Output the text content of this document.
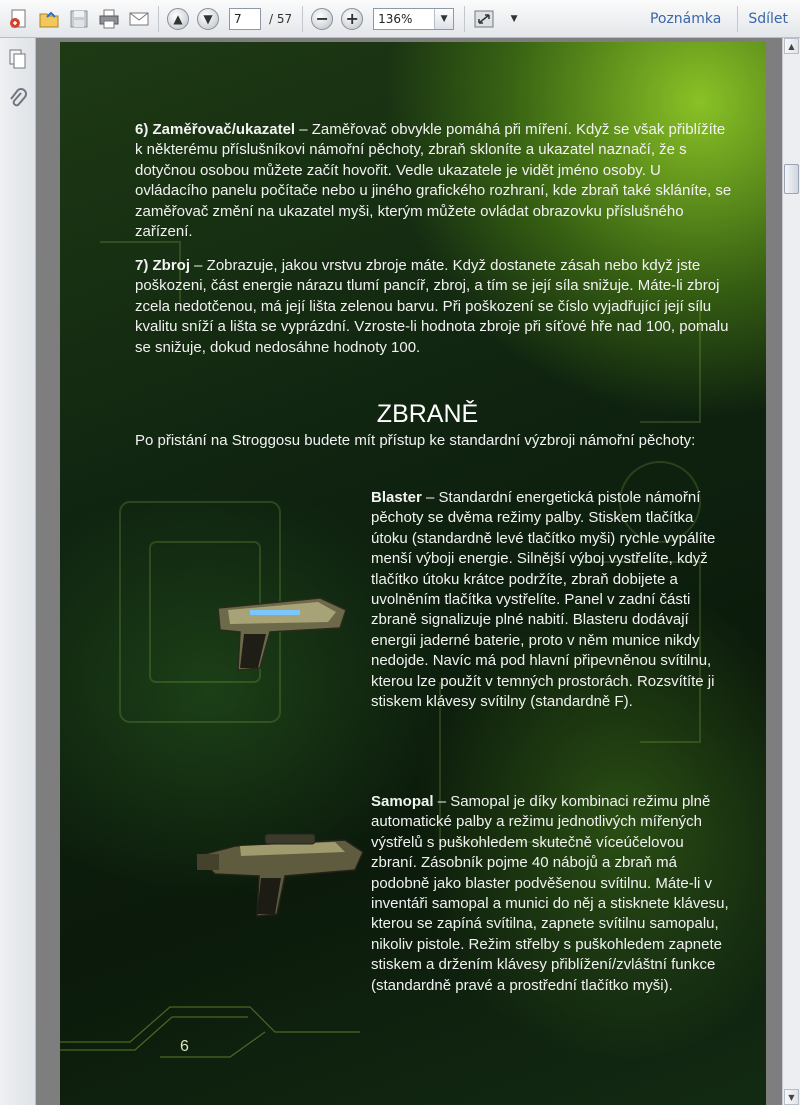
▲	▼
7	/ 57 − +	136%	▼	▼	Poznámka Sdílet
6) Zaměřovač/ukazatel – Zaměřovač obvykle pomáhá při míření. Když se však přiblížíte k některému příslušníkovi námořní pěchoty, zbraň skloníte a ukazatel naznačí, že s dotyčnou osobou můžete začít hovořit. Vedle ukazatele je vidět jméno osoby. U ovládacího panelu počítače nebo u jiného grafického rozhraní, kde zbraň také skláníte, se zaměřovač změní na ukazatel myši, kterým můžete ovládat obrazovku příslušného zařízení.
7) Zbroj – Zobrazuje, jakou vrstvu zbroje máte. Když dostanete zásah nebo když jste poškozeni, část energie nárazu tlumí pancíř, zbroj, a tím se její síla snižuje. Máte-li zbroj zcela nedotčenou, má její lišta zelenou barvu. Při poškození se číslo vyjadřující její sílu kvalitu sníží a lišta se vyprázdní. Vzroste-li hodnota zbroje při síťové hře nad 100, pomalu se snižuje, dokud nedosáhne hodnoty 100.
ZBRANĚ
Po přistání na Stroggosu budete mít přístup ke standardní výzbroji námořní pěchoty:
Blaster – Standardní energetická pistole námořní pěchoty se dvěma režimy palby. Stiskem tlačítka útoku (standardně levé tlačítko myši) rychle vypálíte menší výboji energie. Silnější výboj vystřelíte, když tlačítko útoku krátce podržíte, zbraň dobijete a uvolněním tlačítka vystřelíte. Panel v zadní části zbraně signalizuje plné nabití. Blasteru dodávají energii jaderné baterie, proto v něm munice nikdy nedojde. Navíc má pod hlavní připevněnou svítilnu, kterou lze použít v temných prostorách. Rozsvítíte ji stiskem klávesy svítilny (standardně F).
Samopal – Samopal je díky kombinaci režimu plně automatické palby a režimu jednotlivých mířených výstřelů s puškohledem skutečně víceúčelovou zbraní. Zásobník pojme 40 nábojů a zbraň má podobně jako blaster podvěšenou svítilnu. Máte-li v inventáři samopal a munici do něj a stisknete klávesu, kterou se zapíná svítilna, zapnete svítilnu samopalu, nikoliv pistole. Režim střelby s puškohledem zapnete stiskem a držením klávesy přiblížení/zvláštní funkce (standardně pravé a prostřední tlačítko myši).
6
▲
▼
